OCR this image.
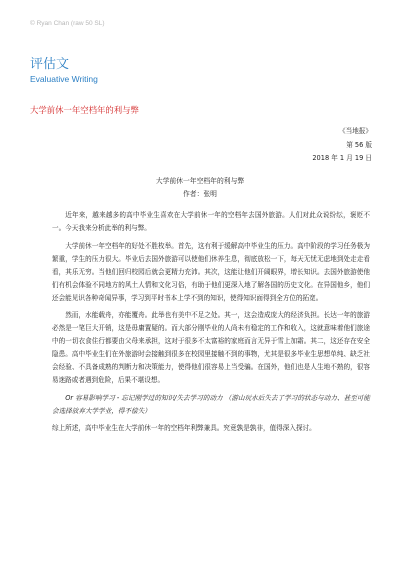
© Ryan Chan (raw 50 SL)
评估文
Evaluative Writing
大学前休一年空档年的利与弊
《当地报》
第 56 版
2018 年 1 月 19 日
大学前休一年空档年的利与弊
作者：张明

近年来，越来越多的高中毕业生喜欢在大学前休一年的空档年去国外旅游。人们对此众说纷纭，褒贬不一。今天我来分析此举的利与弊。

大学前休一年空档年的好处不胜枚举。首先，这有利于缓解高中毕业生的压力。高中阶段的学习任务极为繁重，学生的压力很大。毕业后去国外旅游可以使他们休养生息，彻底放松一下，每天无忧无虑地到处走走看看，其乐无穷。当他们回归校园后就会更精力充沛。其次，这能让他们开阔眼界，增长知识。去国外旅游使他们有机会体验不同地方的风土人情和文化习俗，有助于他们更深入地了解各国的历史文化。在异国他乡，他们还会能见识各种奇闻异事，学习到平时书本上学不到的知识，使得知识面得到全方位的拓宽。

然而，水能载舟，亦能覆舟。此举也有美中不足之处。其一，这会造成庞大的经济负担。长达一年的旅游必然是一笔巨大开销，这是毋庸置疑的。而大部分刚毕业的人尚未有稳定的工作和收入，这就意味着他们旅途中的一切衣食住行都要由父母来承担，这对于很多不太富裕的家庭而言无异于雪上加霜。其二，这还存在安全隐患。高中毕业生们在外旅游时会接触到很多在校园里接触不到的事物，尤其是很多毕业生思想单纯、缺乏社会经验、不具备成熟的判断力和决策能力，使得他们很容易上当受骗。在国外，他们也是人生地不熟的，很容易迷路或者遇到危险，后果不堪设想。

Or 容易影响学习 - 忘记刚学过的知识/失去学习的动力 （游山玩水后失去了学习的状态与动力、甚至可能会选择放弃大学学业，得不偿失）

综上所述，高中毕业生在大学前休一年的空档年利弊兼具。究竟孰是孰非，值得深入探讨。
